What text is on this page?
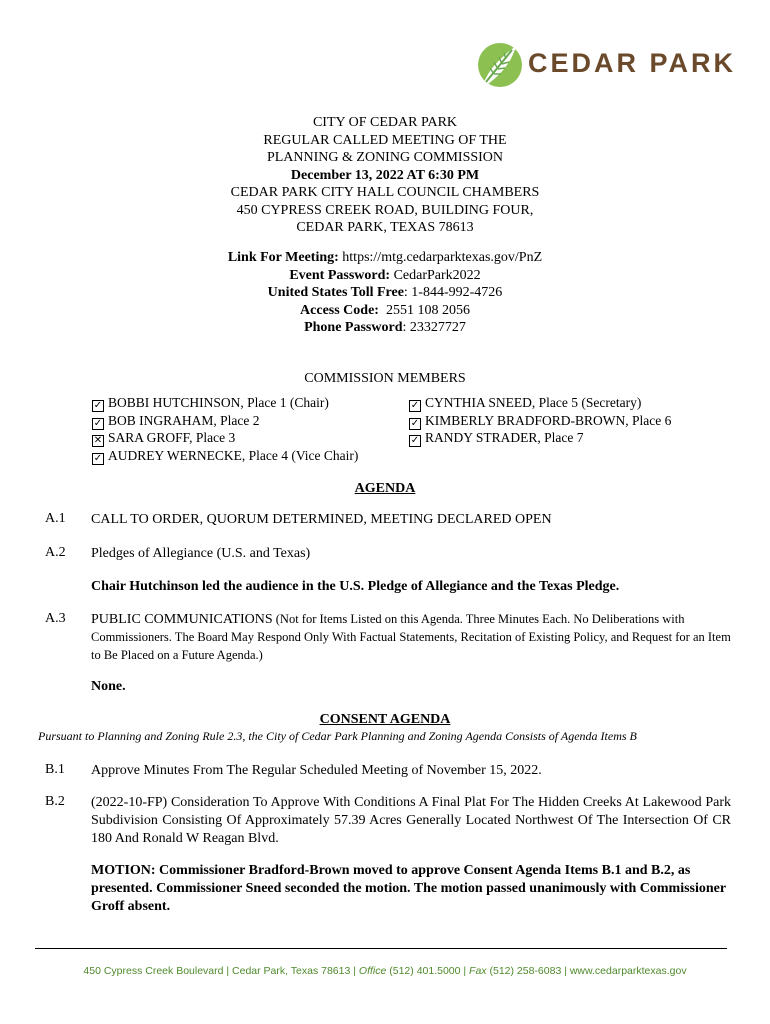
CEDAR PARK
CITY OF CEDAR PARK
REGULAR CALLED MEETING OF THE
PLANNING & ZONING COMMISSION
December 13, 2022 AT 6:30 PM
CEDAR PARK CITY HALL COUNCIL CHAMBERS
450 CYPRESS CREEK ROAD, BUILDING FOUR,
CEDAR PARK, TEXAS 78613
Link For Meeting: https://mtg.cedarparktexas.gov/PnZ
Event Password: CedarPark2022
United States Toll Free: 1-844-992-4726
Access Code:  2551 108 2056
Phone Password: 23327727
COMMISSION MEMBERS
✓ BOBBI HUTCHINSON, Place 1 (Chair)
✓ BOB INGRAHAM, Place 2
✕ SARA GROFF, Place 3
✓ AUDREY WERNECKE, Place 4 (Vice Chair)
✓ CYNTHIA SNEED, Place 5 (Secretary)
✓ KIMBERLY BRADFORD-BROWN, Place 6
✓ RANDY STRADER, Place 7
AGENDA
A.1 CALL TO ORDER, QUORUM DETERMINED, MEETING DECLARED OPEN
A.2 Pledges of Allegiance (U.S. and Texas)
Chair Hutchinson led the audience in the U.S. Pledge of Allegiance and the Texas Pledge.
A.3 PUBLIC COMMUNICATIONS (Not for Items Listed on this Agenda. Three Minutes Each. No Deliberations with Commissioners. The Board May Respond Only With Factual Statements, Recitation of Existing Policy, and Request for an Item to Be Placed on a Future Agenda.)
None.
CONSENT AGENDA
Pursuant to Planning and Zoning Rule 2.3, the City of Cedar Park Planning and Zoning Agenda Consists of Agenda Items B
B.1 Approve Minutes From The Regular Scheduled Meeting of November 15, 2022.
B.2 (2022-10-FP) Consideration To Approve With Conditions A Final Plat For The Hidden Creeks At Lakewood Park Subdivision Consisting Of Approximately 57.39 Acres Generally Located Northwest Of The Intersection Of CR 180 And Ronald W Reagan Blvd.
MOTION: Commissioner Bradford-Brown moved to approve Consent Agenda Items B.1 and B.2, as presented. Commissioner Sneed seconded the motion. The motion passed unanimously with Commissioner Groff absent.
450 Cypress Creek Boulevard | Cedar Park, Texas 78613 | Office (512) 401.5000 | Fax (512) 258-6083 | www.cedarparktexas.gov
